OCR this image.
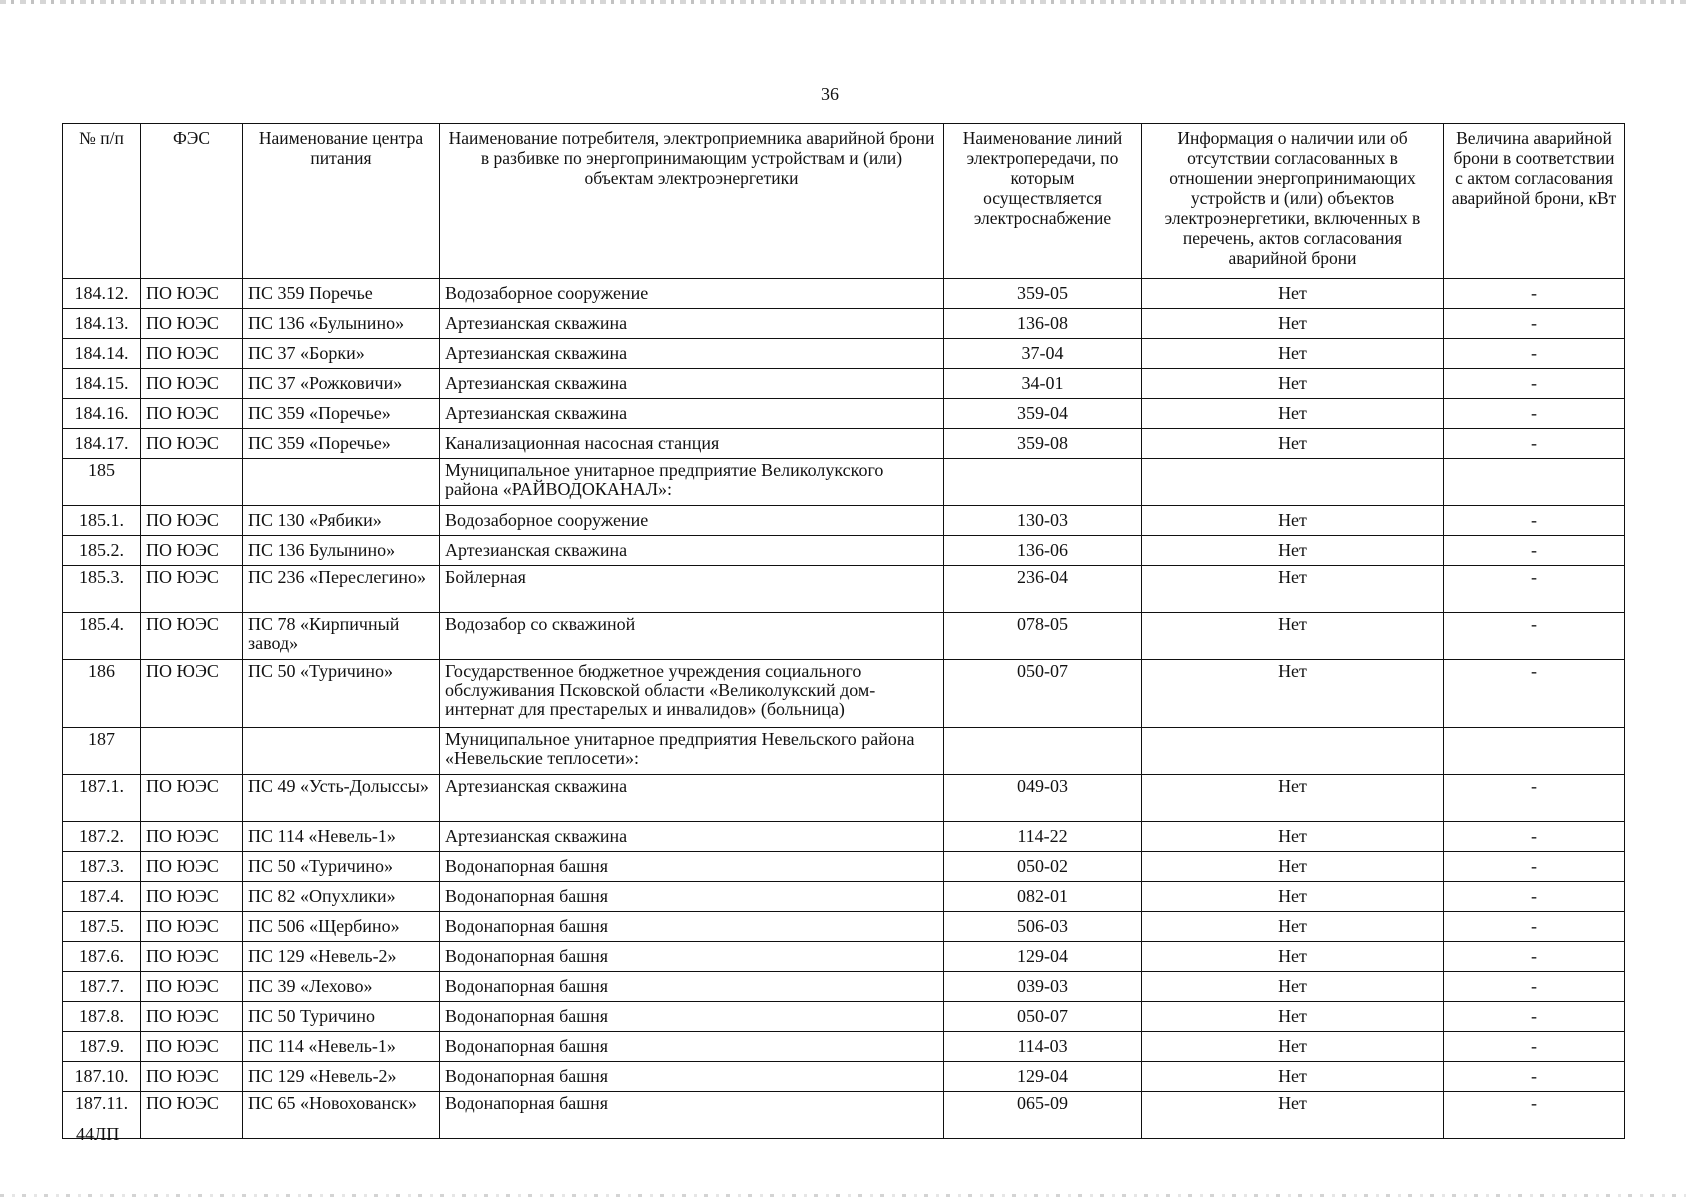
36
№ п/п	ФЭС	Наименование центра питания	Наименование потребителя, электроприемника аварийной брони в разбивке по энергопринимающим устройствам и (или) объектам электроэнергетики	Наименование линий электропередачи, по которым осуществляется электроснабжение	Информация о наличии или об отсутствии согласованных в отношении энергопринимающих устройств и (или) объектов электроэнергетики, включенных в перечень, актов согласования аварийной брони	Величина аварийной брони в соответствии с актом согласования аварийной брони, кВт
184.12.	ПО ЮЭС	ПС 359 Поречье	Водозаборное сооружение	359-05	Нет	-
184.13.	ПО ЮЭС	ПС 136 «Булынино»	Артезианская скважина	136-08	Нет	-
184.14.	ПО ЮЭС	ПС 37 «Борки»	Артезианская скважина	37-04	Нет	-
184.15.	ПО ЮЭС	ПС 37 «Рожковичи»	Артезианская скважина	34-01	Нет	-
184.16.	ПО ЮЭС	ПС 359 «Поречье»	Артезианская скважина	359-04	Нет	-
184.17.	ПО ЮЭС	ПС 359 «Поречье»	Канализационная насосная станция	359-08	Нет	-
185			Муниципальное унитарное предприятие Великолукского района «РАЙВОДОКАНАЛ»:			
185.1.	ПО ЮЭС	ПС 130 «Рябики»	Водозаборное сооружение	130-03	Нет	-
185.2.	ПО ЮЭС	ПС 136 Булынино»	Артезианская скважина	136-06	Нет	-
185.3.	ПО ЮЭС	ПС 236 «Переслегино»	Бойлерная	236-04	Нет	-
185.4.	ПО ЮЭС	ПС 78 «Кирпичный завод»	Водозабор со скважиной	078-05	Нет	-
186	ПО ЮЭС	ПС 50 «Туричино»	Государственное бюджетное учреждения социального обслуживания Псковской области «Великолукский дом-интернат для престарелых и инвалидов» (больница)	050-07	Нет	-
187			Муниципальное унитарное предприятия Невельского района «Невельские теплосети»:			
187.1.	ПО ЮЭС	ПС 49 «Усть-Долыссы»	Артезианская скважина	049-03	Нет	-
187.2.	ПО ЮЭС	ПС 114 «Невель-1»	Артезианская скважина	114-22	Нет	-
187.3.	ПО ЮЭС	ПС 50 «Туричино»	Водонапорная башня	050-02	Нет	-
187.4.	ПО ЮЭС	ПС 82 «Опухлики»	Водонапорная башня	082-01	Нет	-
187.5.	ПО ЮЭС	ПС 506 «Щербино»	Водонапорная башня	506-03	Нет	-
187.6.	ПО ЮЭС	ПС 129 «Невель-2»	Водонапорная башня	129-04	Нет	-
187.7.	ПО ЮЭС	ПС 39 «Лехово»	Водонапорная башня	039-03	Нет	-
187.8.	ПО ЮЭС	ПС 50 Туричино	Водонапорная башня	050-07	Нет	-
187.9.	ПО ЮЭС	ПС 114 «Невель-1»	Водонапорная башня	114-03	Нет	-
187.10.	ПО ЮЭС	ПС 129 «Невель-2»	Водонапорная башня	129-04	Нет	-
187.11.	ПО ЮЭС	ПС 65 «Новохованск»	Водонапорная башня	065-09	Нет	-
44ЛП
